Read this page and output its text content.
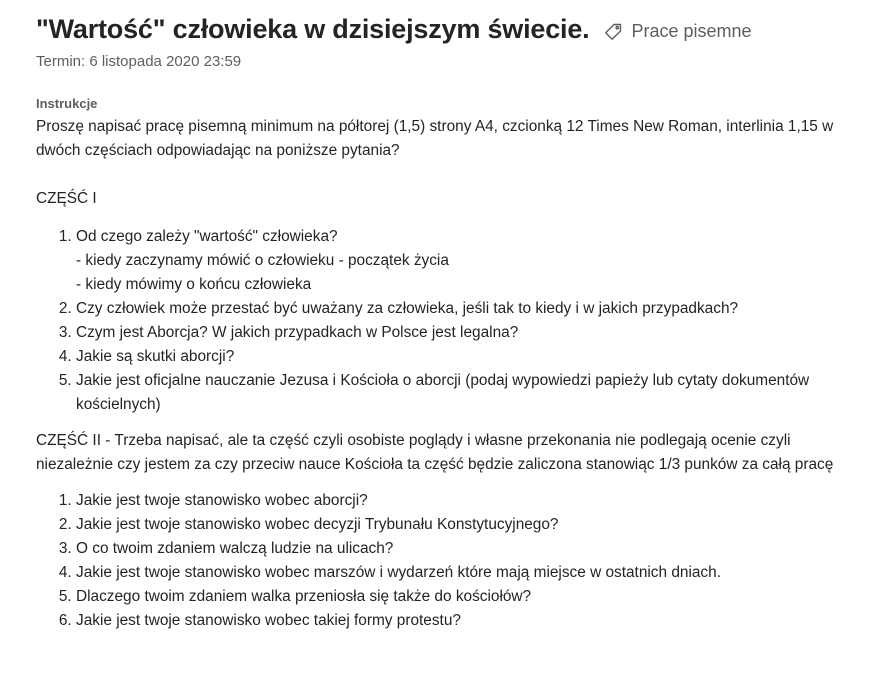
"Wartość" człowieka w dzisiejszym świecie. Prace pisemne
Termin: 6 listopada 2020 23:59
Instrukcje

Proszę napisać pracę pisemną minimum na półtorej (1,5) strony A4, czcionką 12 Times New Roman, interlinia 1,15 w dwóch częściach odpowiadając na poniższe pytania?

CZĘŚĆ I

1. Od czego zależy "wartość" człowieka?
- kiedy zaczynamy mówić o człowieku - początek życia
- kiedy mówimy o końcu człowieka
2. Czy człowiek może przestać być uważany za człowieka, jeśli tak to kiedy i w jakich przypadkach?
3. Czym jest Aborcja? W jakich przypadkach w Polsce jest legalna?
4. Jakie są skutki aborcji?
5. Jakie jest oficjalne nauczanie Jezusa i Kościoła o aborcji (podaj wypowiedzi papieży lub cytaty dokumentów kościelnych)

CZĘŚĆ II - Trzeba napisać, ale ta część czyli osobiste poglądy i własne przekonania nie podlegają ocenie czyli niezależnie czy jestem za czy przeciw nauce Kościoła ta część będzie zaliczona stanowiąc 1/3 punków za całą pracę

1. Jakie jest twoje stanowisko wobec aborcji?
2. Jakie jest twoje stanowisko wobec decyzji Trybunału Konstytucyjnego?
3. O co twoim zdaniem walczą ludzie na ulicach?
4. Jakie jest twoje stanowisko wobec marszów i wydarzeń które mają miejsce w ostatnich dniach.
5. Dlaczego twoim zdaniem walka przeniosła się także do kościołów?
6. Jakie jest twoje stanowisko wobec takiej formy protestu?
